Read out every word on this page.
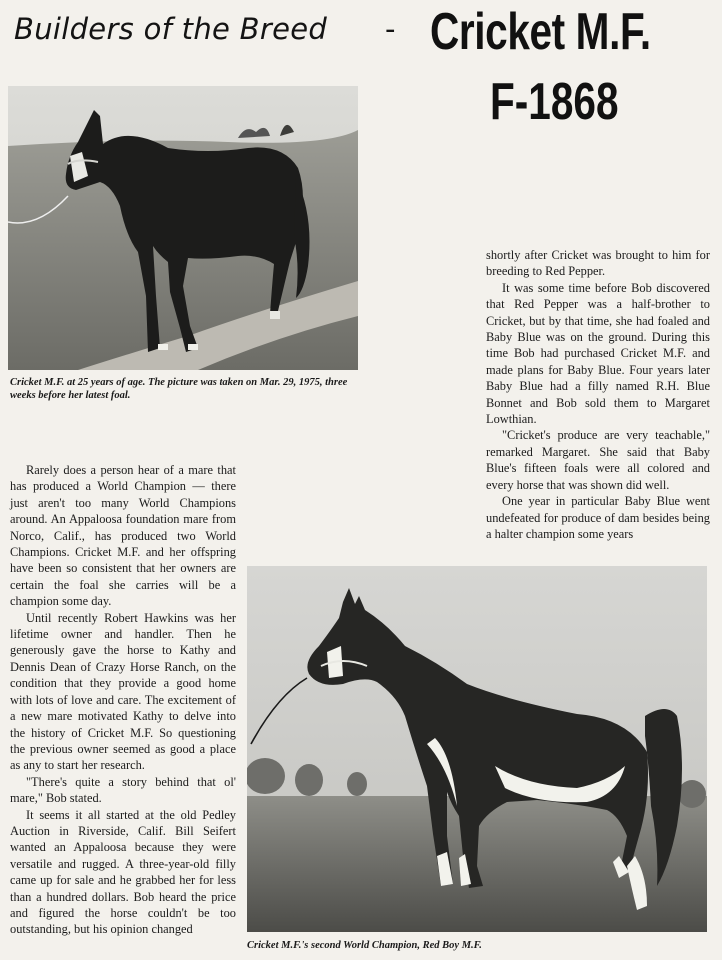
Builders of the Breed - Cricket M.F.
F-1868
Cricket M.F. at 25 years of age. The picture was taken on Mar. 29, 1975, three weeks before her latest foal.

Rarely does a person hear of a mare that has produced a World Champion — there just aren't too many World Champions around. An Appaloosa foundation mare from Norco, Calif., has produced two World Champions. Cricket M.F. and her offspring have been so consistent that her owners are certain the foal she carries will be a champion some day.

Until recently Robert Hawkins was her lifetime owner and handler. Then he generously gave the horse to Kathy and Dennis Dean of Crazy Horse Ranch, on the condition that they provide a good home with lots of love and care. The excitement of a new mare motivated Kathy to delve into the history of Cricket M.F. So questioning the previous owner seemed as good a place as any to start her research.

"There's quite a story behind that ol' mare," Bob stated.

It seems it all started at the old Pedley Auction in Riverside, Calif. Bill Seifert wanted an Appaloosa because they were versatile and rugged. A three-year-old filly came up for sale and he grabbed her for less than a hundred dollars. Bob heard the price and figured the horse couldn't be too outstanding, but his opinion changed

shortly after Cricket was brought to him for breeding to Red Pepper.

It was some time before Bob discovered that Red Pepper was a half-brother to Cricket, but by that time, she had foaled and Baby Blue was on the ground. During this time Bob had purchased Cricket M.F. and made plans for Baby Blue. Four years later Baby Blue had a filly named R.H. Blue Bonnet and Bob sold them to Margaret Lowthian.

"Cricket's produce are very teachable," remarked Margaret. She said that Baby Blue's fifteen foals were all colored and every horse that was shown did well.

One year in particular Baby Blue went undefeated for produce of dam besides being a halter champion some years

Cricket M.F.'s second World Champion, Red Boy M.F.
